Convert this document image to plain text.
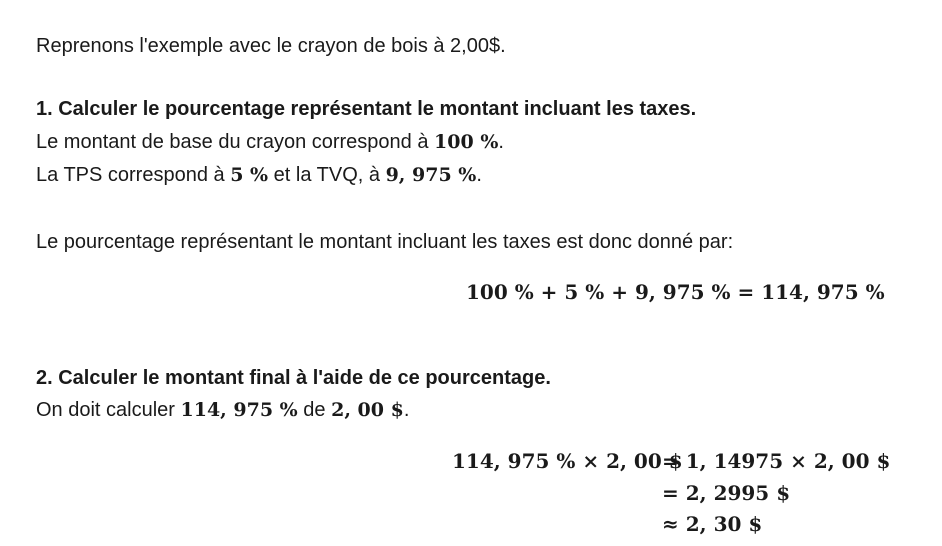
Reprenons l'exemple avec le crayon de bois à 2,00$.
1. Calculer le pourcentage représentant le montant incluant les taxes.
Le montant de base du crayon correspond à 100 %.
La TPS correspond à 5 % et la TVQ, à 9, 975 %.
Le pourcentage représentant le montant incluant les taxes est donc donné par:
100 % + 5 % + 9, 975 % = 114, 975 %
2. Calculer le montant final à l'aide de ce pourcentage.
On doit calculer 114, 975 % de 2, 00 $.
114, 975 % × 2, 00 $
= 1, 14975 × 2, 00 $
= 2, 2995 $
≈ 2, 30 $
